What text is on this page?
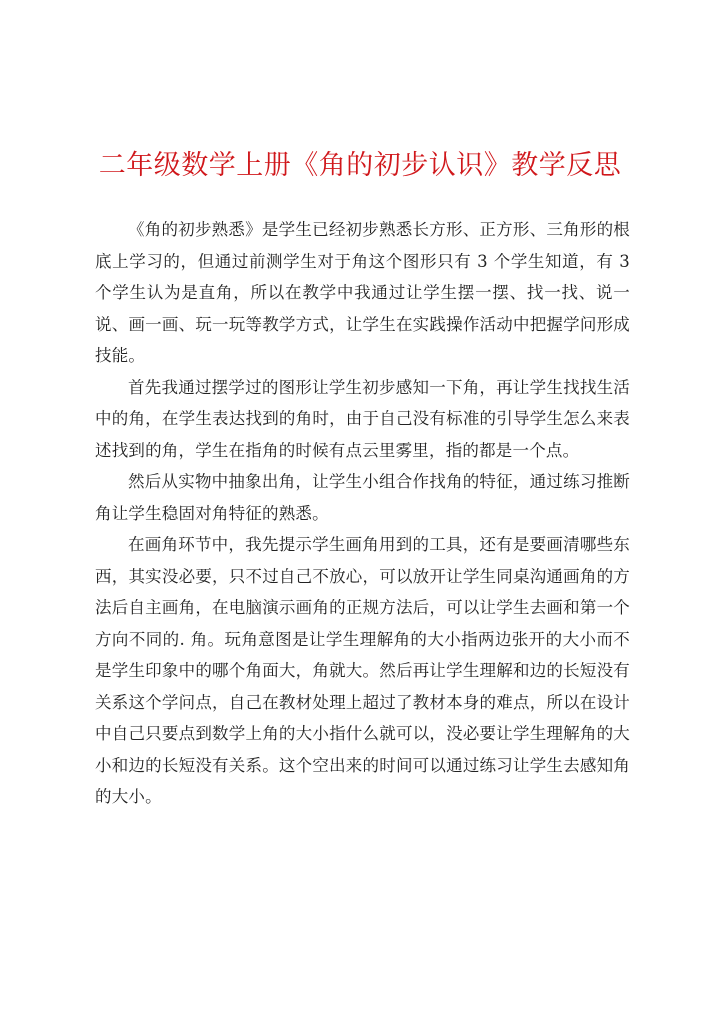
二年级数学上册《角的初步认识》教学反思

《角的初步熟悉》是学生已经初步熟悉长方形、正方形、三角形的根底上学习的，但通过前测学生对于角这个图形只有 3 个学生知道，有 3 个学生认为是直角，所以在教学中我通过让学生摆一摆、找一找、说一说、画一画、玩一玩等教学方式，让学生在实践操作活动中把握学问形成技能。

首先我通过摆学过的图形让学生初步感知一下角，再让学生找找生活中的角，在学生表达找到的角时，由于自己没有标准的引导学生怎么来表述找到的角，学生在指角的时候有点云里雾里，指的都是一个点。

然后从实物中抽象出角，让学生小组合作找角的特征，通过练习推断角让学生稳固对角特征的熟悉。

在画角环节中，我先提示学生画角用到的工具，还有是要画清哪些东西，其实没必要，只不过自己不放心，可以放开让学生同桌沟通画角的方法后自主画角，在电脑演示画角的正规方法后，可以让学生去画和第一个方向不同的. 角。玩角意图是让学生理解角的大小指两边张开的大小而不是学生印象中的哪个角面大，角就大。然后再让学生理解和边的长短没有关系这个学问点，自己在教材处理上超过了教材本身的难点，所以在设计中自己只要点到数学上角的大小指什么就可以，没必要让学生理解角的大小和边的长短没有关系。这个空出来的时间可以通过练习让学生去感知角的大小。
